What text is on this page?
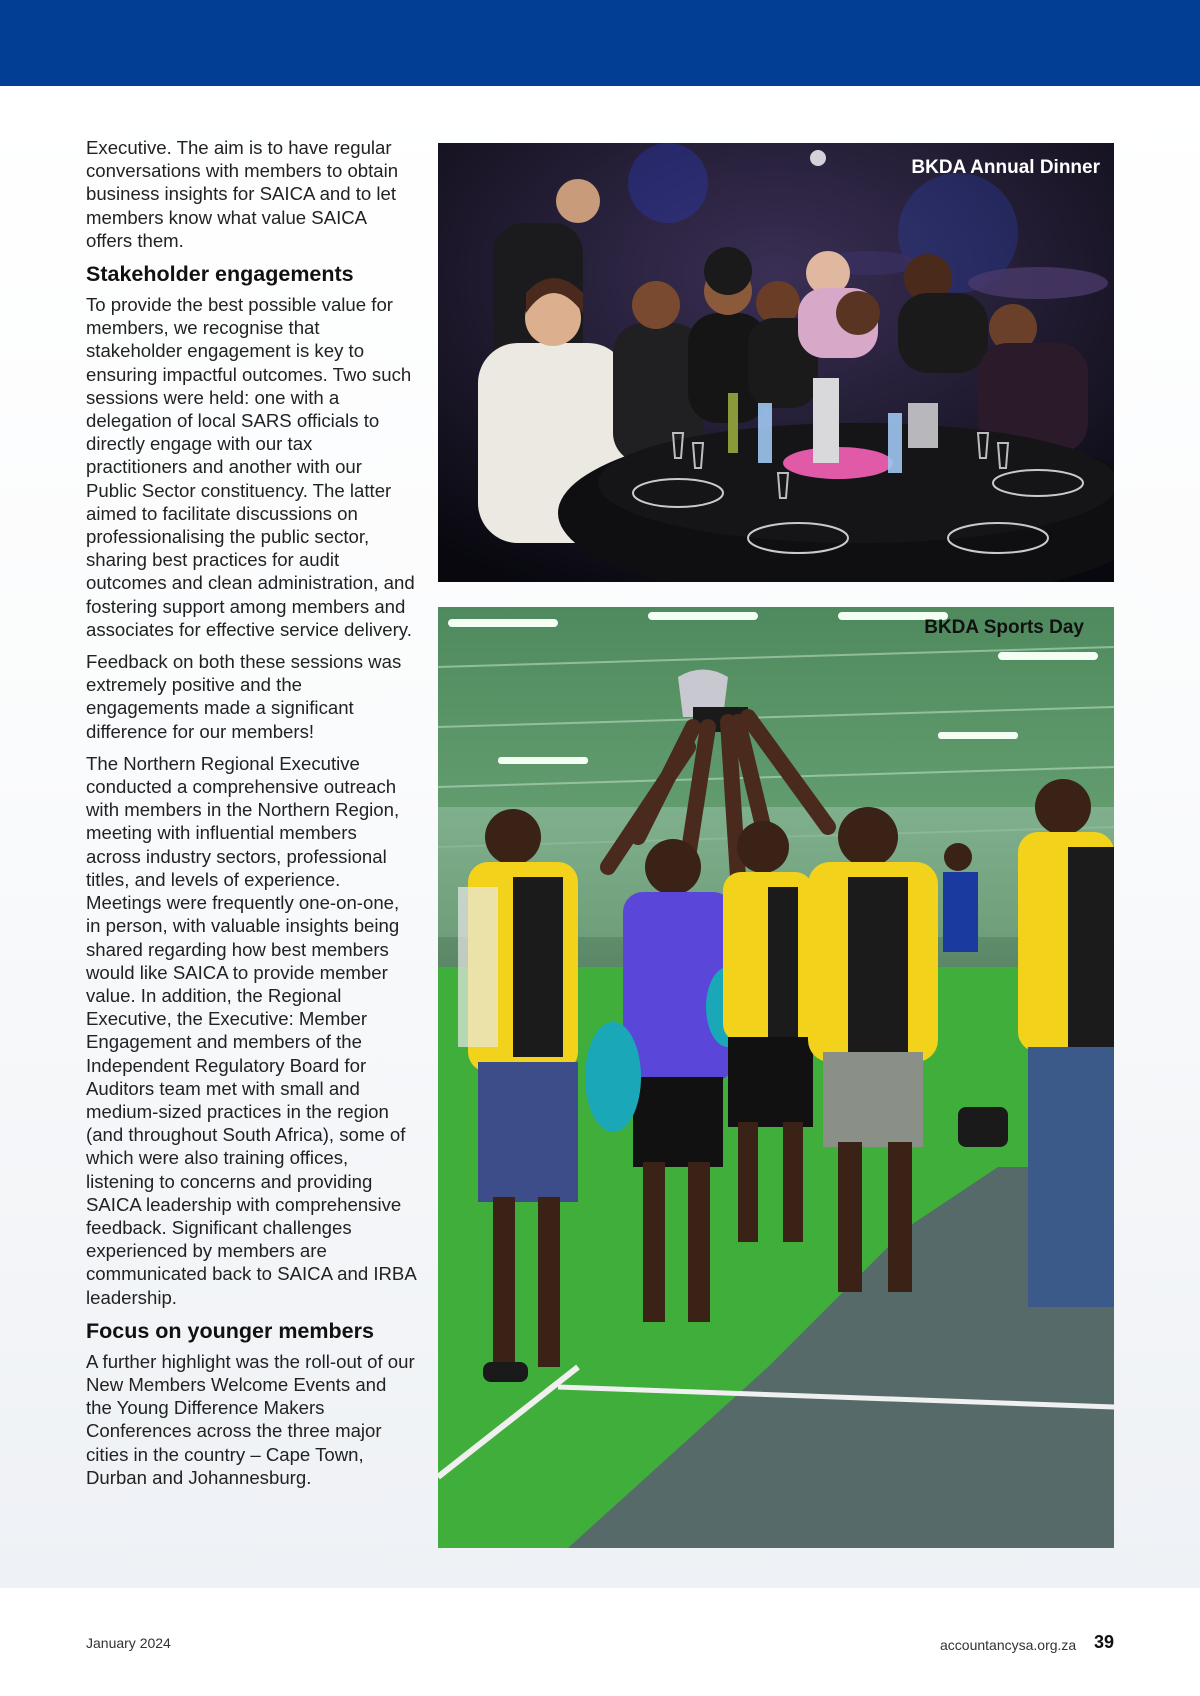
Executive. The aim is to have regular conversations with members to obtain business insights for SAICA and to let members know what value SAICA offers them.

Stakeholder engagements

To provide the best possible value for members, we recognise that stakeholder engagement is key to ensuring impactful outcomes. Two such sessions were held: one with a delegation of local SARS officials to directly engage with our tax practitioners and another with our Public Sector constituency. The latter aimed to facilitate discussions on professionalising the public sector, sharing best practices for audit outcomes and clean administration, and fostering support among members and associates for effective service delivery.

Feedback on both these sessions was extremely positive and the engagements made a significant difference for our members!

The Northern Regional Executive conducted a comprehensive outreach with members in the Northern Region, meeting with influential members across industry sectors, professional titles, and levels of experience. Meetings were frequently one-on-one, in person, with valuable insights being shared regarding how best members would like SAICA to provide member value. In addition, the Regional Executive, the Executive: Member Engagement and members of the Independent Regulatory Board for Auditors team met with small and medium-sized practices in the region (and throughout South Africa), some of which were also training offices, listening to concerns and providing SAICA leadership with comprehensive feedback. Significant challenges experienced by members are communicated back to SAICA and IRBA leadership.

Focus on younger members

A further highlight was the roll-out of our New Members Welcome Events and the Young Difference Makers Conferences across the three major cities in the country – Cape Town, Durban and Johannesburg.

BKDA Annual Dinner
BKDA Sports Day
January 2024	accountancysa.org.za 39
